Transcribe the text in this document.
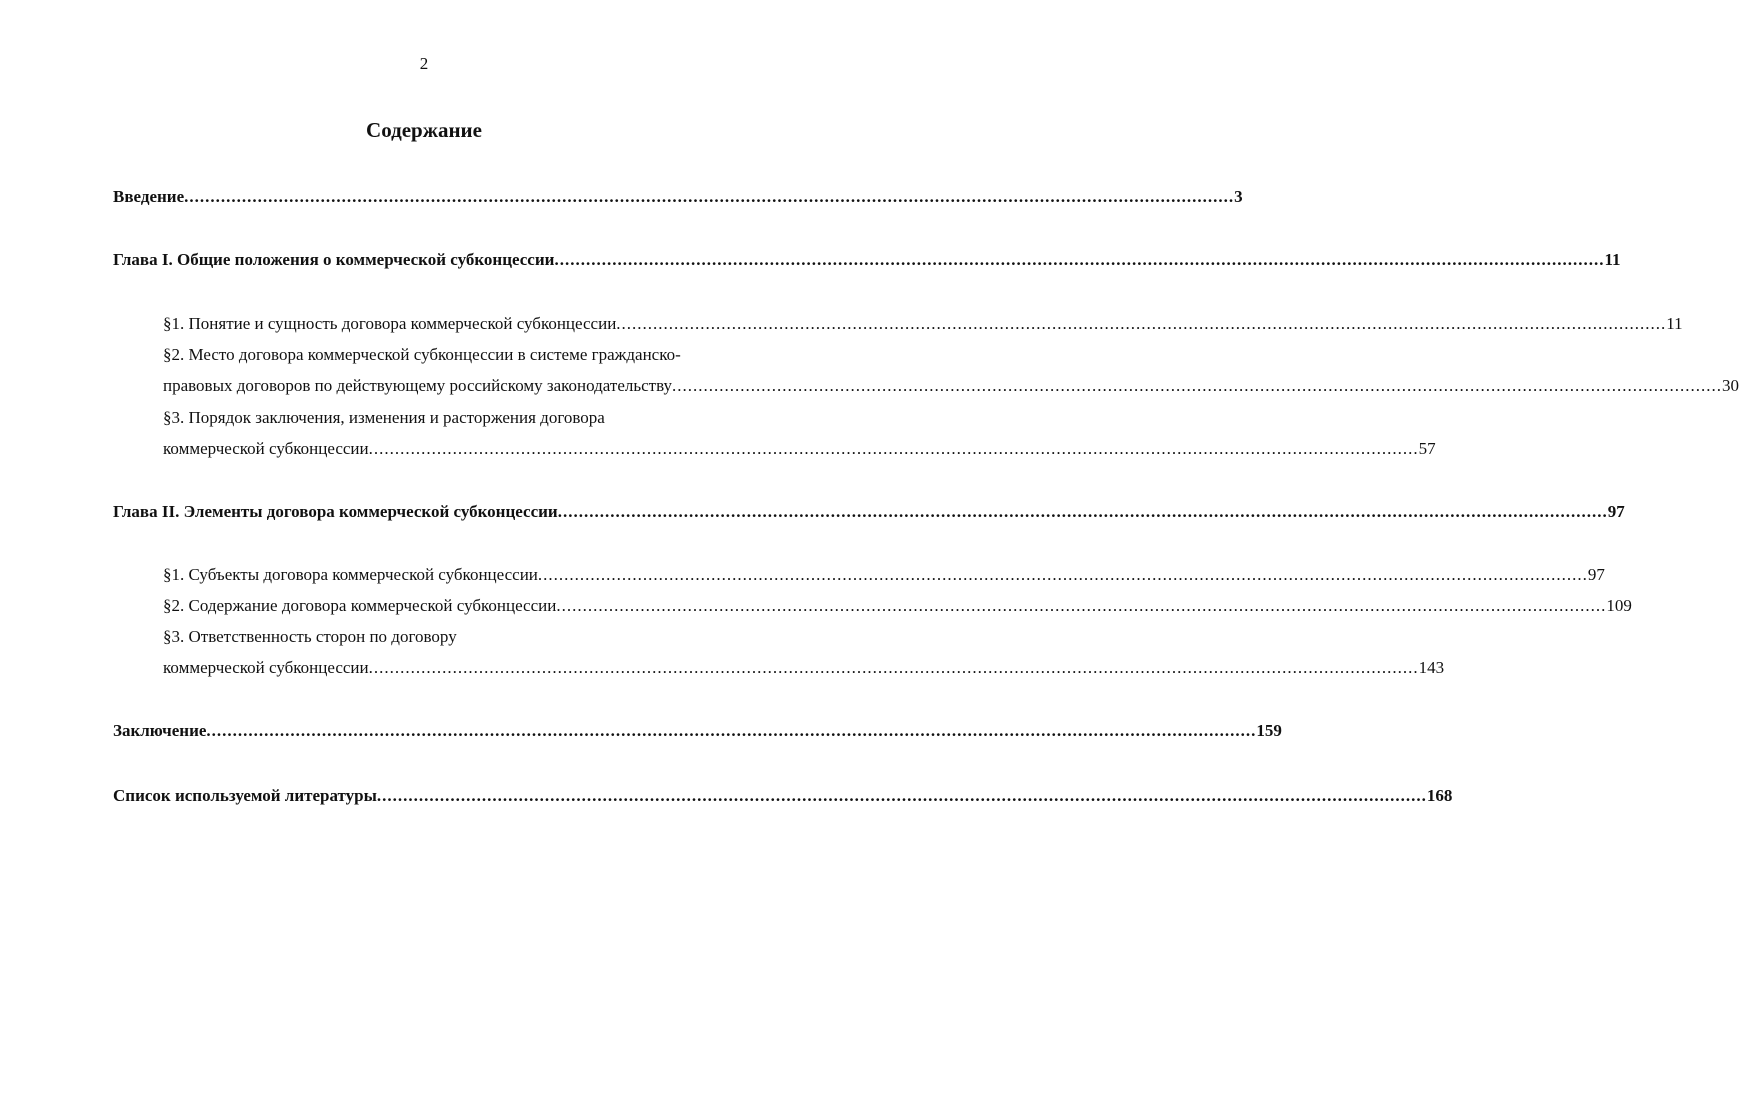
2
Содержание
Введение ........................................................................................................................................................................................................ 3
Глава I. Общие положения о коммерческой субконцессии ........................................................................................................................................................................................................ 11
§1. Понятие и сущность договора коммерческой субконцессии ........................................................................................................................................................................................................ 11
§2. Место договора коммерческой субконцессии в системе гражданско-
правовых договоров по действующему российскому законодательству ........................................................................................................................................................................................................ 30
§3. Порядок заключения, изменения и расторжения договора
коммерческой субконцессии ........................................................................................................................................................................................................ 57
Глава II. Элементы договора коммерческой субконцессии ........................................................................................................................................................................................................ 97
§1. Субъекты договора коммерческой субконцессии ........................................................................................................................................................................................................ 97
§2. Содержание договора коммерческой субконцессии ........................................................................................................................................................................................................ 109
§3. Ответственность сторон по договору
коммерческой субконцессии ........................................................................................................................................................................................................ 143
Заключение ........................................................................................................................................................................................................ 159
Список используемой литературы ........................................................................................................................................................................................................ 168
